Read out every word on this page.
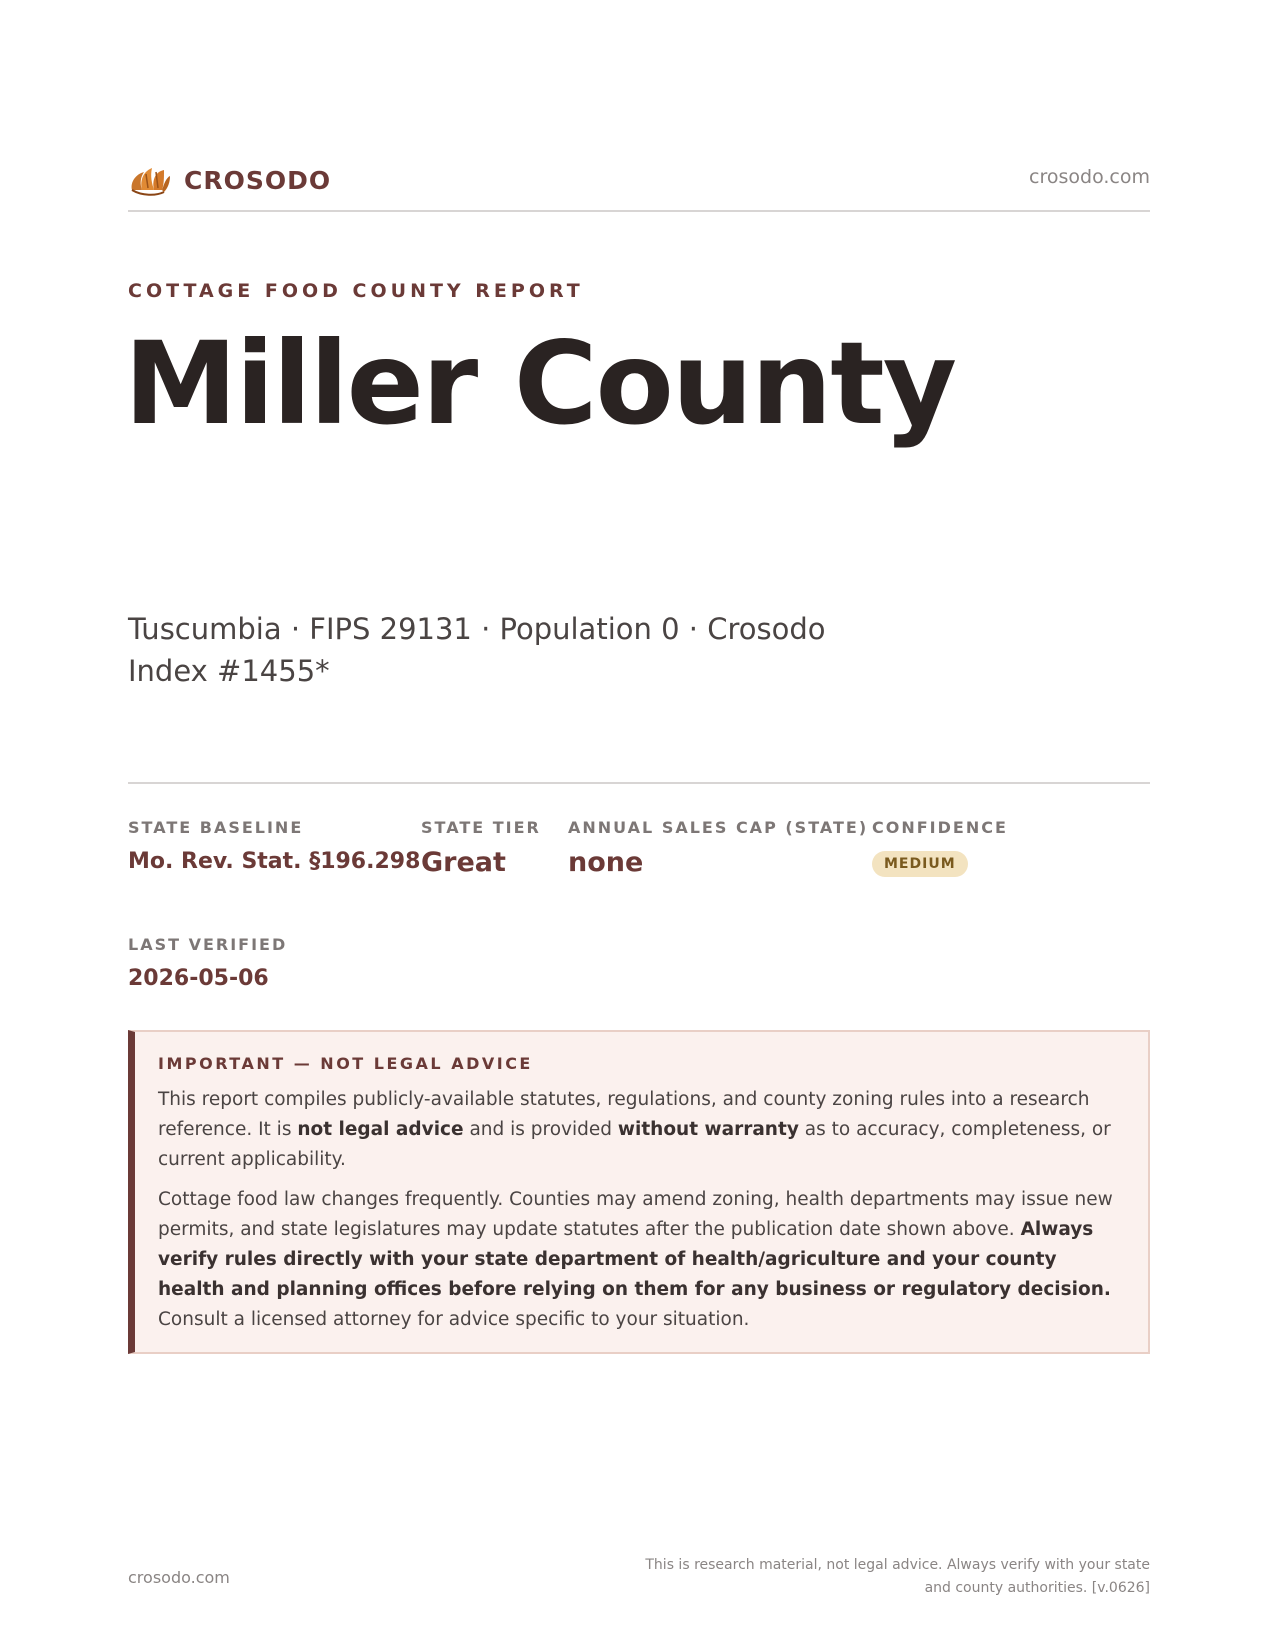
CROSODO	crosodo.com
COTTAGE FOOD COUNTY REPORT
Miller County
Tuscumbia · FIPS 29131 · Population 0 · Crosodo Index #1455*
STATE BASELINE
Mo. Rev. Stat. §196.298
STATE TIER
Great
ANNUAL SALES CAP (STATE)
none
CONFIDENCE
MEDIUM
LAST VERIFIED
2026-05-06
IMPORTANT — NOT LEGAL ADVICE

This report compiles publicly-available statutes, regulations, and county zoning rules into a research reference. It is not legal advice and is provided without warranty as to accuracy, completeness, or current applicability.

Cottage food law changes frequently. Counties may amend zoning, health departments may issue new permits, and state legislatures may update statutes after the publication date shown above. Always verify rules directly with your state department of health/agriculture and your county health and planning offices before relying on them for any business or regulatory decision. Consult a licensed attorney for advice specific to your situation.

crosodo.com
This is research material, not legal advice. Always verify with your state and county authorities. [v.0626]
